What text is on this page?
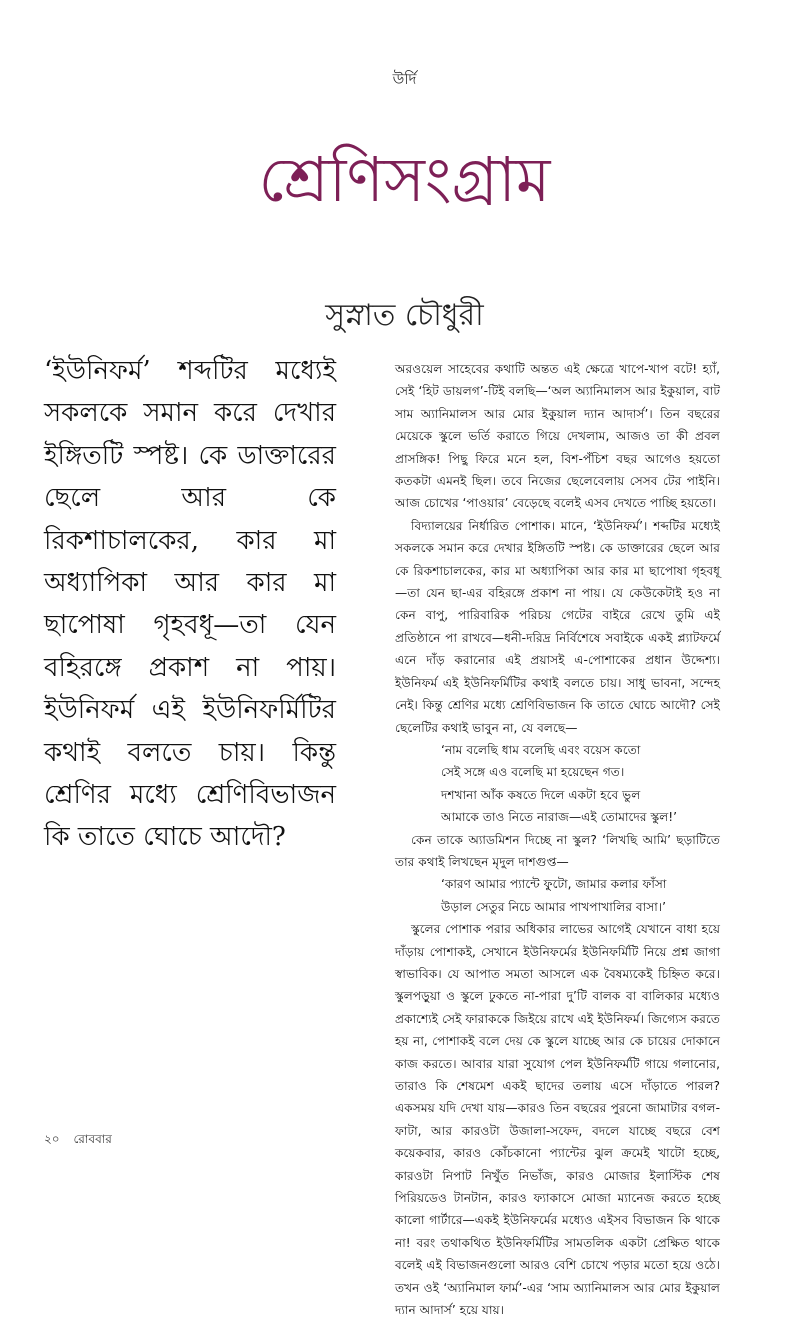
উর্দি
শ্রেণিসংগ্রাম
সুস্নাত চৌধুরী
‘ইউনিফর্ম’ শব্দটির মধ্যেই সকলকে সমান করে দেখার ইঙ্গিতটি স্পষ্ট। কে ডাক্তারের ছেলে আর কে রিকশাচালকের, কার মা অধ্যাপিকা আর কার মা ছাপোষা গৃহবধূ—তা যেন বহিরঙ্গে প্রকাশ না পায়। ইউনিফর্ম এই ইউনিফর্মিটির কথাই বলতে চায়। কিন্তু শ্রেণির মধ্যে শ্রেণিবিভাজন কি তাতে ঘোচে আদৌ?

অরওয়েল সাহেবের কথাটি অন্তত এই ক্ষেত্রে খাপে-খাপ বটে! হ্যাঁ, সেই ‘হিট ডায়লগ’-টিই বলছি—‘অল অ্যানিমালস আর ইকুয়াল, বাট সাম অ্যানিমালস আর মোর ইকুয়াল দ্যান আদার্স’। তিন বছরের মেয়েকে স্কুলে ভর্তি করাতে গিয়ে দেখলাম, আজও তা কী প্রবল প্রাসঙ্গিক! পিছু ফিরে মনে হল, বিশ-পঁচিশ বছর আগেও হয়তো কতকটা এমনই ছিল। তবে নিজের ছেলেবেলায় সেসব টের পাইনি। আজ চোখের ‘পাওয়ার’ বেড়েছে বলেই এসব দেখতে পাচ্ছি হয়তো।

বিদ্যালয়ের নির্ধারিত পোশাক। মানে, ‘ইউনিফর্ম’। শব্দটির মধ্যেই সকলকে সমান করে দেখার ইঙ্গিতটি স্পষ্ট। কে ডাক্তারের ছেলে আর কে রিকশাচালকের, কার মা অধ্যাপিকা আর কার মা ছাপোষা গৃহবধূ—তা যেন ছা-এর বহিরঙ্গে প্রকাশ না পায়। যে কেউকেটাই হও না কেন বাপু, পারিবারিক পরিচয় গেটের বাইরে রেখে তুমি এই প্রতিষ্ঠানে পা রাখবে—ধনী-দরিদ্র নির্বিশেষে সবাইকে একই প্ল্যাটফর্মে এনে দাঁড় করানোর এই প্রয়াসই এ-পোশাকের প্রধান উদ্দেশ্য। ইউনিফর্ম এই ইউনিফর্মিটির কথাই বলতে চায়। সাধু ভাবনা, সন্দেহ নেই। কিন্তু শ্রেণির মধ্যে শ্রেণিবিভাজন কি তাতে ঘোচে আদৌ? সেই ছেলেটির কথাই ভাবুন না, যে বলছে—

‘নাম বলেছি ধাম বলেছি এবং বয়েস কতো

সেই সঙ্গে এও বলেছি মা হয়েছেন গত।

দশখানা আঁক কষতে দিলে একটা হবে ভুল

আমাকে তাও নিতে নারাজ—এই তোমাদের স্কুল!’

কেন তাকে অ্যাডমিশন দিচ্ছে না স্কুল? ‘লিখছি আমি’ ছড়াটিতে তার কথাই লিখছেন মৃদুল দাশগুপ্ত—

‘কারণ আমার প্যান্টে ফুটো, জামার কলার ফাঁসা

উড়াল সেতুর নিচে আমার পাখপাখালির বাসা।’

স্কুলের পোশাক পরার অধিকার লাভের আগেই যেখানে বাধা হয়ে দাঁড়ায় পোশাকই, সেখানে ইউনিফর্মের ইউনিফর্মিটি নিয়ে প্রশ্ন জাগা স্বাভাবিক। যে আপাত সমতা আসলে এক বৈষম্যকেই চিহ্নিত করে। স্কুলপড়ুয়া ও স্কুলে ঢুকতে না-পারা দু’টি বালক বা বালিকার মধ্যেও প্রকাশ্যেই সেই ফারাককে জিইয়ে রাখে এই ইউনিফর্ম। জিগ্যেস করতে হয় না, পোশাকই বলে দেয় কে স্কুলে যাচ্ছে আর কে চায়ের দোকানে কাজ করতে। আবার যারা সুযোগ পেল ইউনিফর্মটি গায়ে গলানোর, তারাও কি শেষমেশ একই ছাদের তলায় এসে দাঁড়াতে পারল? একসময় যদি দেখা যায়—কারও তিন বছরের পুরনো জামাটার বগল-ফাটা, আর কারওটা উজালা-সফেদ, বদলে যাচ্ছে বছরে বেশ কয়েকবার, কারও কোঁচকানো প্যান্টের ঝুল ক্রমেই খাটো হচ্ছে, কারওটা নিপাট নিখুঁত নিভাঁজ, কারও মোজার ইলাস্টিক শেষ পিরিয়ডেও টানটান, কারও ফ্যাকাসে মোজা ম্যানেজ করতে হচ্ছে কালো গার্টারে—একই ইউনিফর্মের মধ্যেও এইসব বিভাজন কি থাকে না! বরং তথাকথিত ইউনিফর্মিটির সামতলিক একটা প্রেক্ষিত থাকে বলেই এই বিভাজনগুলো আরও বেশি চোখে পড়ার মতো হয়ে ওঠে। তখন ওই ‘অ্যানিমাল ফার্ম’-এর ‘সাম অ্যানিমালস আর মোর ইকুয়াল দ্যান আদার্স’ হয়ে যায়।

২০ রোববার
